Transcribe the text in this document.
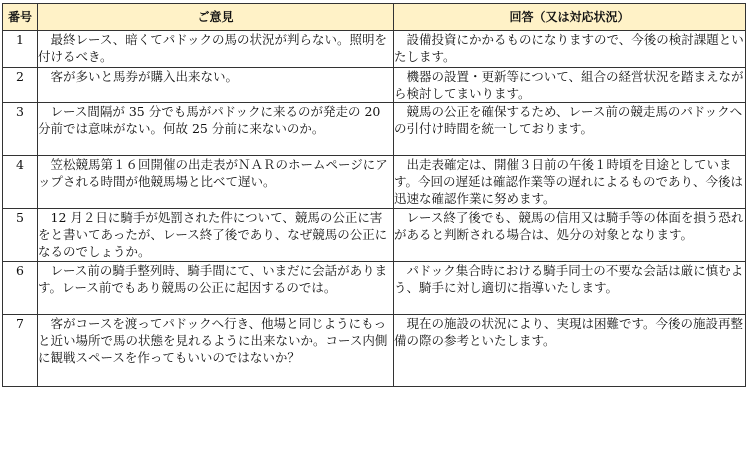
番号	ご意見	回答（又は対応状況）
1	最終レース、暗くてパドックの馬の状況が判らない。照明を付けるべき。	設備投資にかかるものになりますので、今後の検討課題といたします。
2	客が多いと馬券が購入出来ない。	機器の設置・更新等について、組合の経営状況を踏まえながら検討してまいります。
3	レース間隔が 35 分でも馬がパドックに来るのが発走の 20 分前では意味がない。何故 25 分前に来ないのか。	競馬の公正を確保するため、レース前の競走馬のパドックへの引付け時間を統一しております。
4	笠松競馬第１６回開催の出走表がＮＡＲのホームページにアップされる時間が他競馬場と比べて遅い。	出走表確定は、開催３日前の午後１時頃を目途としています。今回の遅延は確認作業等の遅れによるものであり、今後は迅速な確認作業に努めます。
5	12 月２日に騎手が処罰された件について、競馬の公正に害をと書いてあったが、レース終了後であり、なぜ競馬の公正になるのでしょうか。	レース終了後でも、競馬の信用又は騎手等の体面を損う恐れがあると判断される場合は、処分の対象となります。
6	レース前の騎手整列時、騎手間にて、いまだに会話があります。レース前でもあり競馬の公正に起因するのでは。	パドック集合時における騎手同士の不要な会話は厳に慎むよう、騎手に対し適切に指導いたします。
7	客がコースを渡ってパドックへ行き、他場と同じようにもっと近い場所で馬の状態を見れるように出来ないか。コース内側に観戦スペースを作ってもいいのではないか？	現在の施設の状況により、実現は困難です。今後の施設再整備の際の参考といたします。
